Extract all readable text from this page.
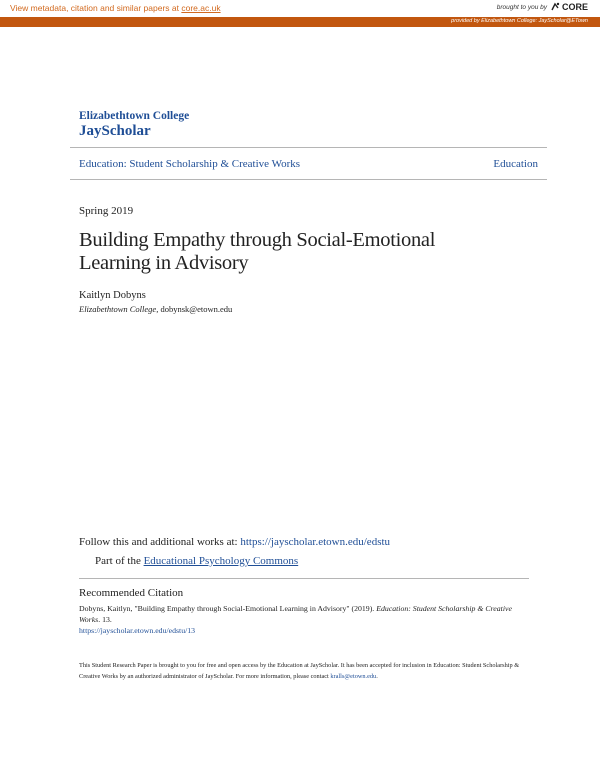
View metadata, citation and similar papers at core.ac.uk	brought to you by CORE
provided by Elizabethtown College: JayScholar@ETown
Elizabethtown College
JayScholar
Education: Student Scholarship & Creative Works	Education
Spring 2019
Building Empathy through Social-Emotional Learning in Advisory
Kaitlyn Dobyns
Elizabethtown College, dobynsk@etown.edu
Follow this and additional works at: https://jayscholar.etown.edu/edstu
Part of the Educational Psychology Commons
Recommended Citation
Dobyns, Kaitlyn, "Building Empathy through Social-Emotional Learning in Advisory" (2019). Education: Student Scholarship & Creative Works. 13.
https://jayscholar.etown.edu/edstu/13
This Student Research Paper is brought to you for free and open access by the Education at JayScholar. It has been accepted for inclusion in Education: Student Scholarship & Creative Works by an authorized administrator of JayScholar. For more information, please contact kralls@etown.edu.
